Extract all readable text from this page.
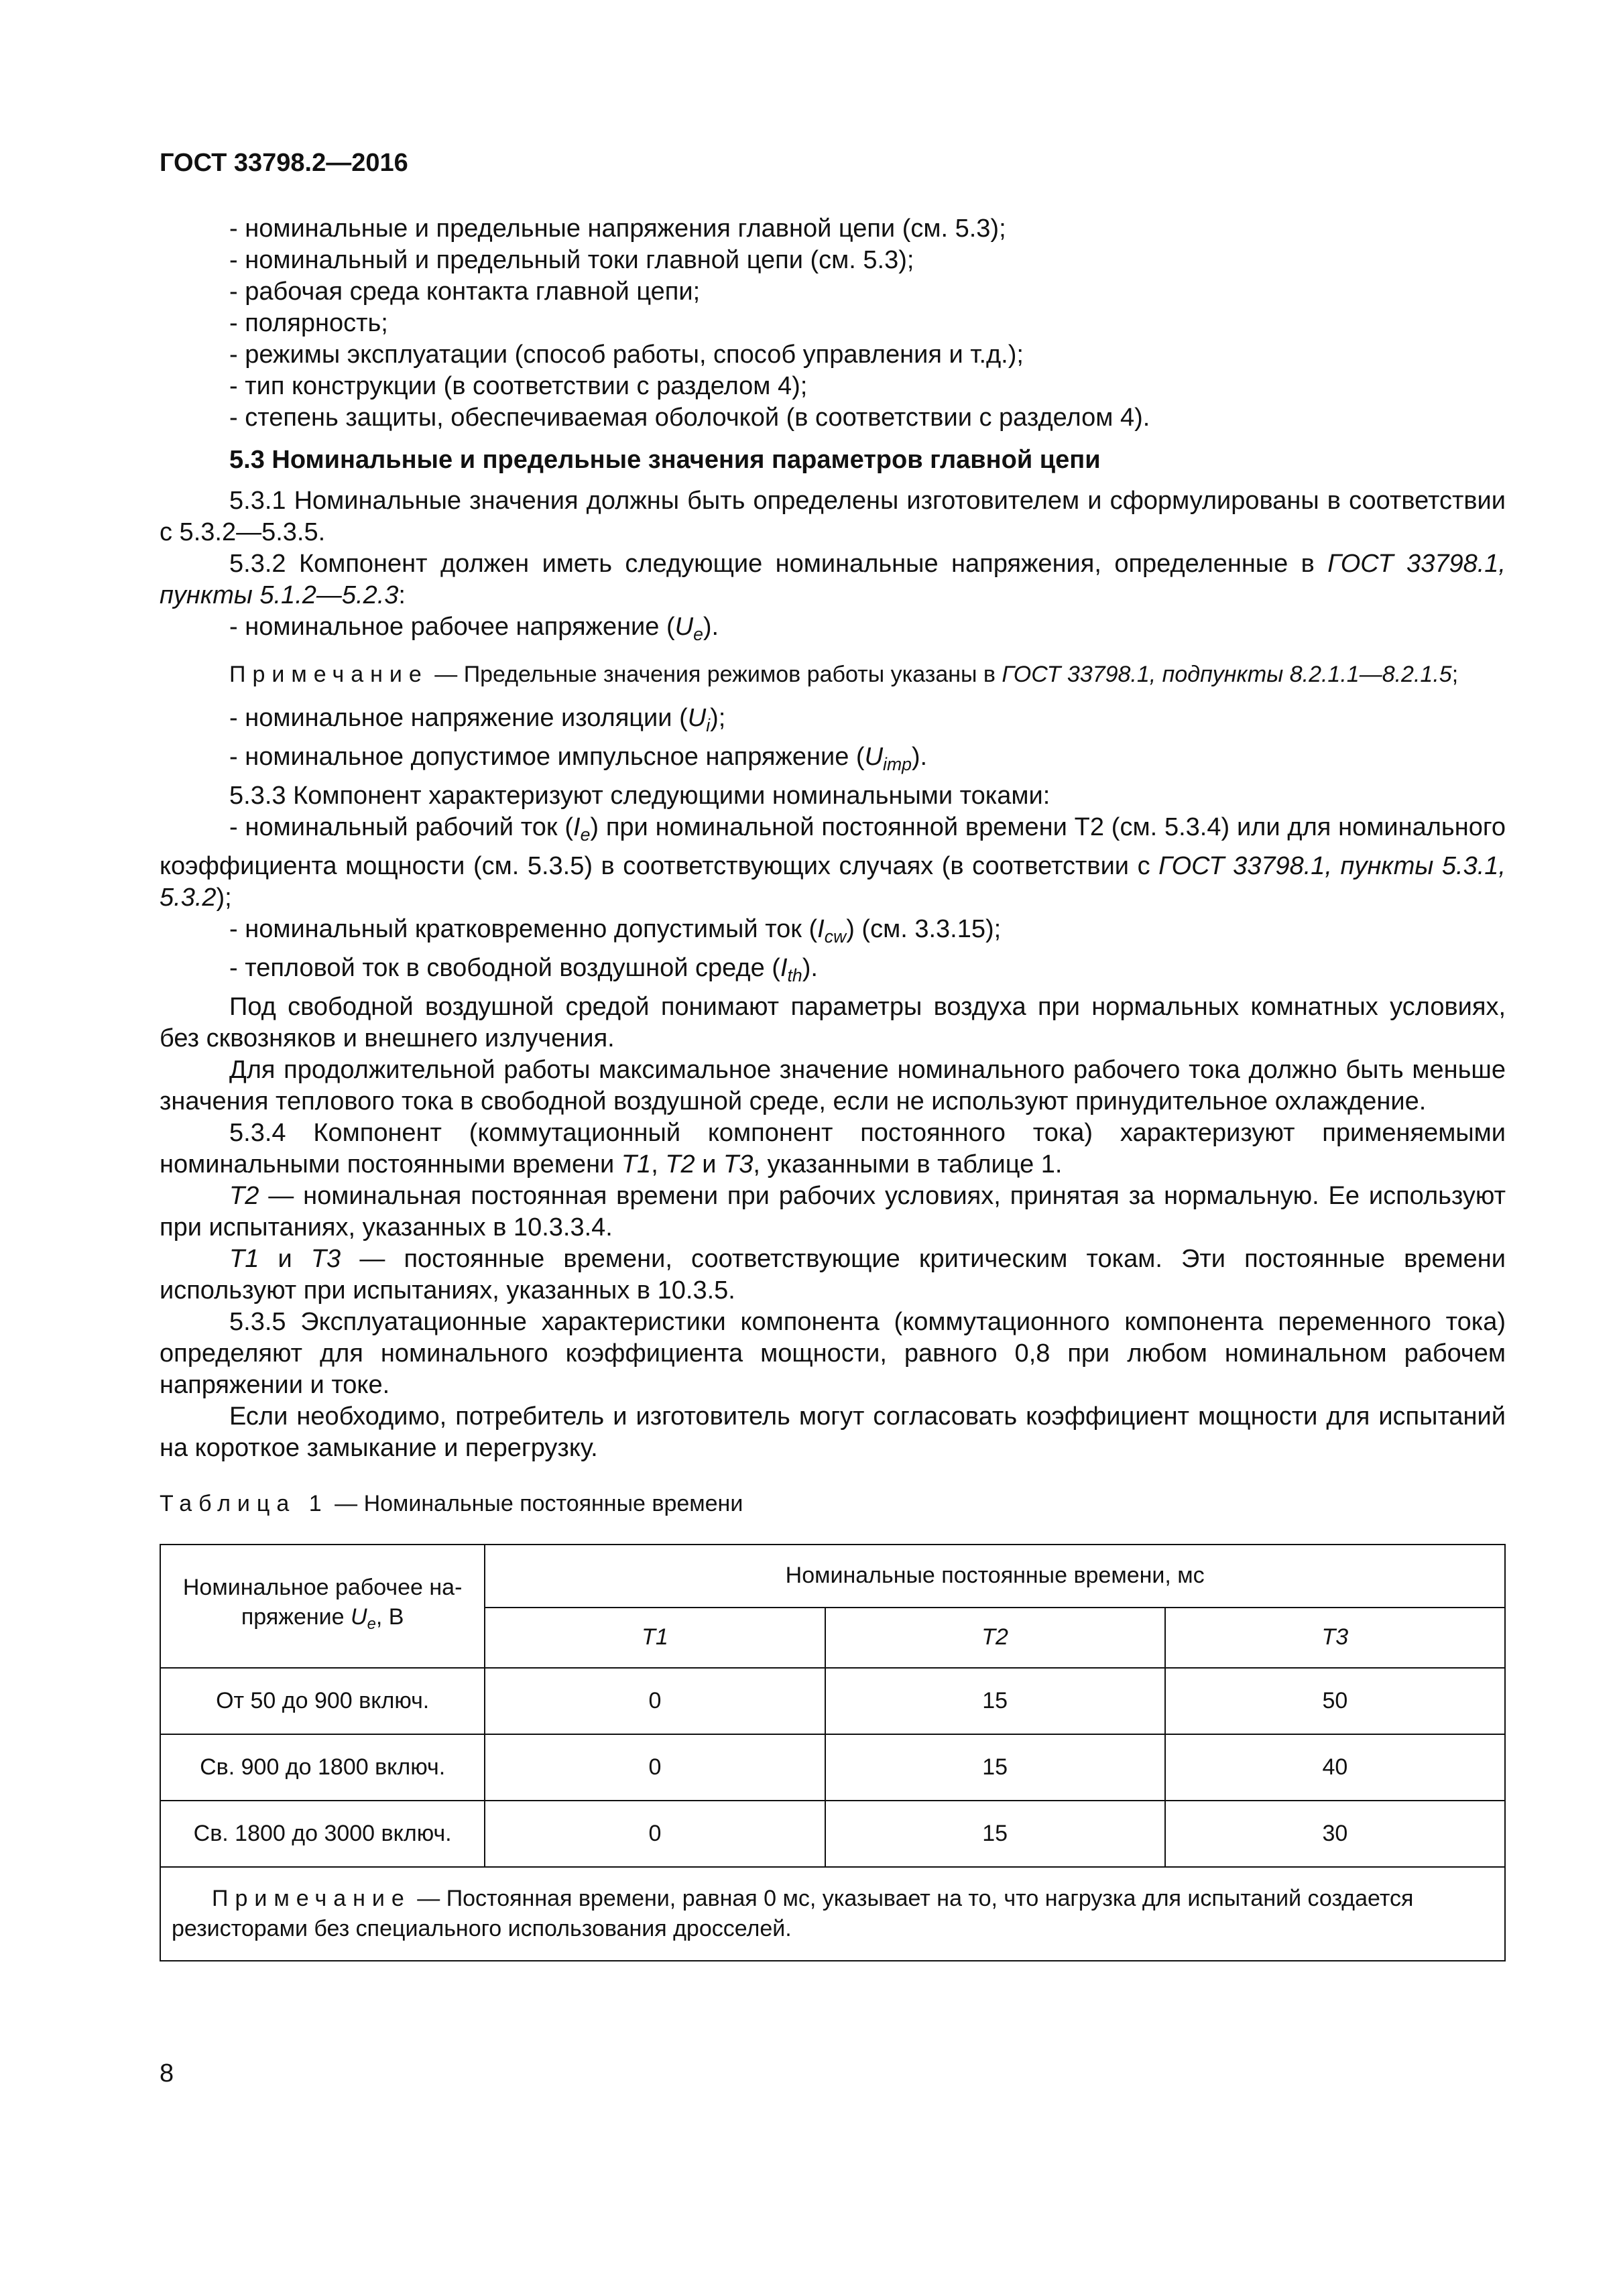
ГОСТ 33798.2—2016
- номинальные и предельные напряжения главной цепи (см. 5.3);
- номинальный и предельный токи главной цепи (см. 5.3);
- рабочая среда контакта главной цепи;
- полярность;
- режимы эксплуатации (способ работы, способ управления и т.д.);
- тип конструкции (в соответствии с разделом 4);
- степень защиты, обеспечиваемая оболочкой (в соответствии с разделом 4).
5.3 Номинальные и предельные значения параметров главной цепи
5.3.1 Номинальные значения должны быть определены изготовителем и сформулированы в соответствии с 5.3.2—5.3.5.
5.3.2 Компонент должен иметь следующие номинальные напряжения, определенные в ГОСТ 33798.1, пункты 5.1.2—5.2.3:
- номинальное рабочее напряжение $(U_e)$.
Примечание — Предельные значения режимов работы указаны в ГОСТ 33798.1, подпункты 8.2.1.1—8.2.1.5;
- номинальное напряжение изоляции $(U_i)$;
- номинальное допустимое импульсное напряжение $(U_{imp})$.
5.3.3 Компонент характеризуют следующими номинальными токами:
- номинальный рабочий ток $(I_e)$ при номинальной постоянной времени Т2 (см. 5.3.4) или для номинального коэффициента мощности (см. 5.3.5) в соответствующих случаях (в соответствии с ГОСТ 33798.1, пункты 5.3.1, 5.3.2);
- номинальный кратковременно допустимый ток $(I_{cw})$ (см. 3.3.15);
- тепловой ток в свободной воздушной среде $(I_{th})$.
Под свободной воздушной средой понимают параметры воздуха при нормальных комнатных условиях, без сквозняков и внешнего излучения.
Для продолжительной работы максимальное значение номинального рабочего тока должно быть меньше значения теплового тока в свободной воздушной среде, если не используют принудительное охлаждение.
5.3.4 Компонент (коммутационный компонент постоянного тока) характеризуют применяемыми номинальными постоянными времени T1, T2 и T3, указанными в таблице 1.
T2 — номинальная постоянная времени при рабочих условиях, принятая за нормальную. Ее используют при испытаниях, указанных в 10.3.3.4.
T1 и T3 — постоянные времени, соответствующие критическим токам. Эти постоянные времени используют при испытаниях, указанных в 10.3.5.
5.3.5 Эксплуатационные характеристики компонента (коммутационного компонента переменного тока) определяют для номинального коэффициента мощности, равного 0,8 при любом номинальном рабочем напряжении и токе.
Если необходимо, потребитель и изготовитель могут согласовать коэффициент мощности для испытаний на короткое замыкание и перегрузку.
Таблица 1 — Номинальные постоянные времени
Номинальное рабочее на-
пряжение $U_e$, В	Номинальные постоянные времени, мс		
	T1	T2	T3
От 50 до 900 включ.	0	15	50
Св. 900 до 1800 включ.	0	15	40
Св. 1800 до 3000 включ.	0	15	30
Примечание — Постоянная времени, равная 0 мс, указывает на то, что нагрузка для испытаний создается резисторами без специального использования дросселей.			
8
